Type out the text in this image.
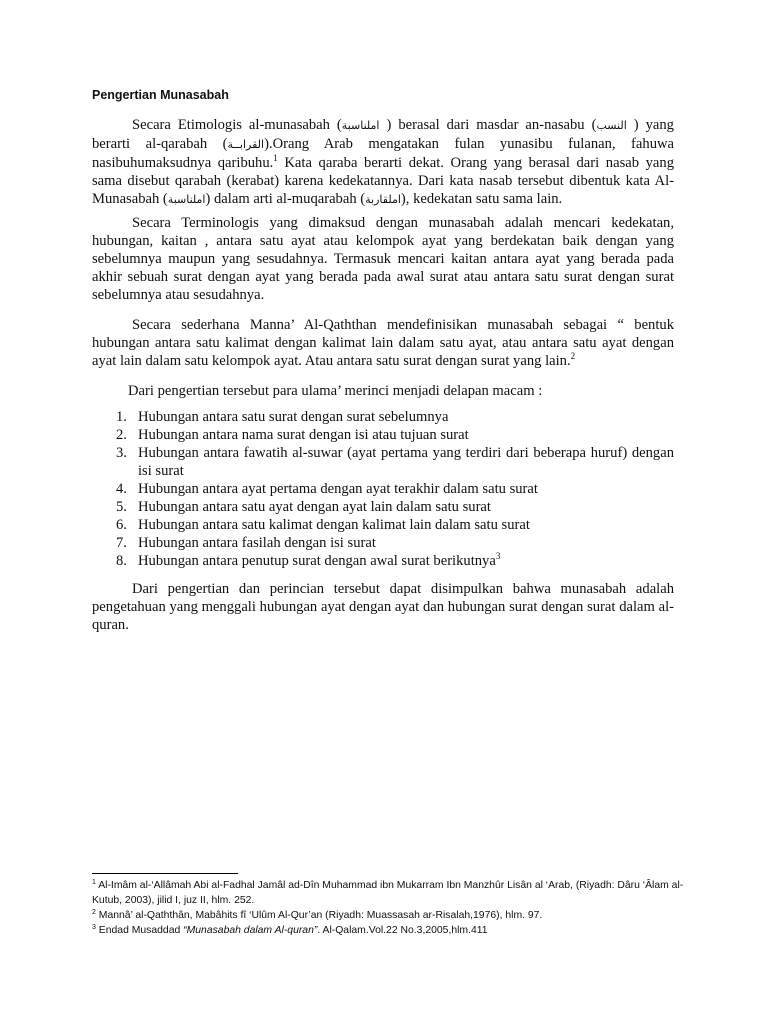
Pengertian Munasabah
Secara Etimologis al-munasabah (املناسبة ) berasal dari masdar an-nasabu (النسب ) yang berarti al-qarabah (القرابــة).Orang Arab mengatakan fulan yunasibu fulanan, fahuwa nasibuhumaksudnya qaribuhu.$^1$ Kata qaraba berarti dekat. Orang yang berasal dari nasab yang sama disebut qarabah (kerabat) karena kedekatannya. Dari kata nasab tersebut dibentuk kata Al-Munasabah (املناسبة) dalam arti al-muqarabah (املقاربة), kedekatan satu sama lain.
Secara Terminologis yang dimaksud dengan munasabah adalah mencari kedekatan, hubungan, kaitan , antara satu ayat atau kelompok ayat yang berdekatan baik dengan yang sebelumnya maupun yang sesudahnya. Termasuk mencari kaitan antara ayat yang berada pada akhir sebuah surat dengan ayat yang berada pada awal surat atau antara satu surat dengan surat sebelumnya atau sesudahnya.
Secara sederhana Manna’ Al-Qaththan mendefinisikan munasabah sebagai “ bentuk hubungan antara satu kalimat dengan kalimat lain dalam satu ayat, atau antara satu ayat dengan ayat lain dalam satu kelompok ayat. Atau antara satu surat dengan surat yang lain.$^2$
Dari pengertian tersebut para ulama’ merinci menjadi delapan macam :
1. Hubungan antara satu surat dengan surat sebelumnya
2. Hubungan antara nama surat dengan isi atau tujuan surat
3. Hubungan antara fawatih al-suwar (ayat pertama yang terdiri dari beberapa huruf) dengan isi surat
4. Hubungan antara ayat pertama dengan ayat terakhir dalam satu surat
5. Hubungan antara satu ayat dengan ayat lain dalam satu surat
6. Hubungan antara satu kalimat dengan kalimat lain dalam satu surat
7. Hubungan antara fasilah dengan isi surat
8. Hubungan antara penutup surat dengan awal surat berikutnya$^3$
Dari pengertian dan perincian tersebut dapat disimpulkan bahwa munasabah adalah pengetahuan yang menggali hubungan ayat dengan ayat dan hubungan surat dengan surat dalam al-quran.

$^1$ Al-Imâm al-‘Allâmah Abi al-Fadhal Jamâl ad-Dîn Muhammad ibn Mukarram Ibn Manzhûr Lisân al ‘Arab, (Riyadh: Dâru ‘Âlam al-Kutub, 2003), jilid I, juz II, hlm. 252.

$^2$ Mannâ’ al-Qaththân, Mabâhits fî ‘Ulûm Al-Qur’an (Riyadh: Muassasah ar-Risalah,1976), hlm. 97.

$^3$ Endad Musaddad “Munasabah dalam Al-quran”. Al-Qalam.Vol.22 No.3,2005,hlm.411
